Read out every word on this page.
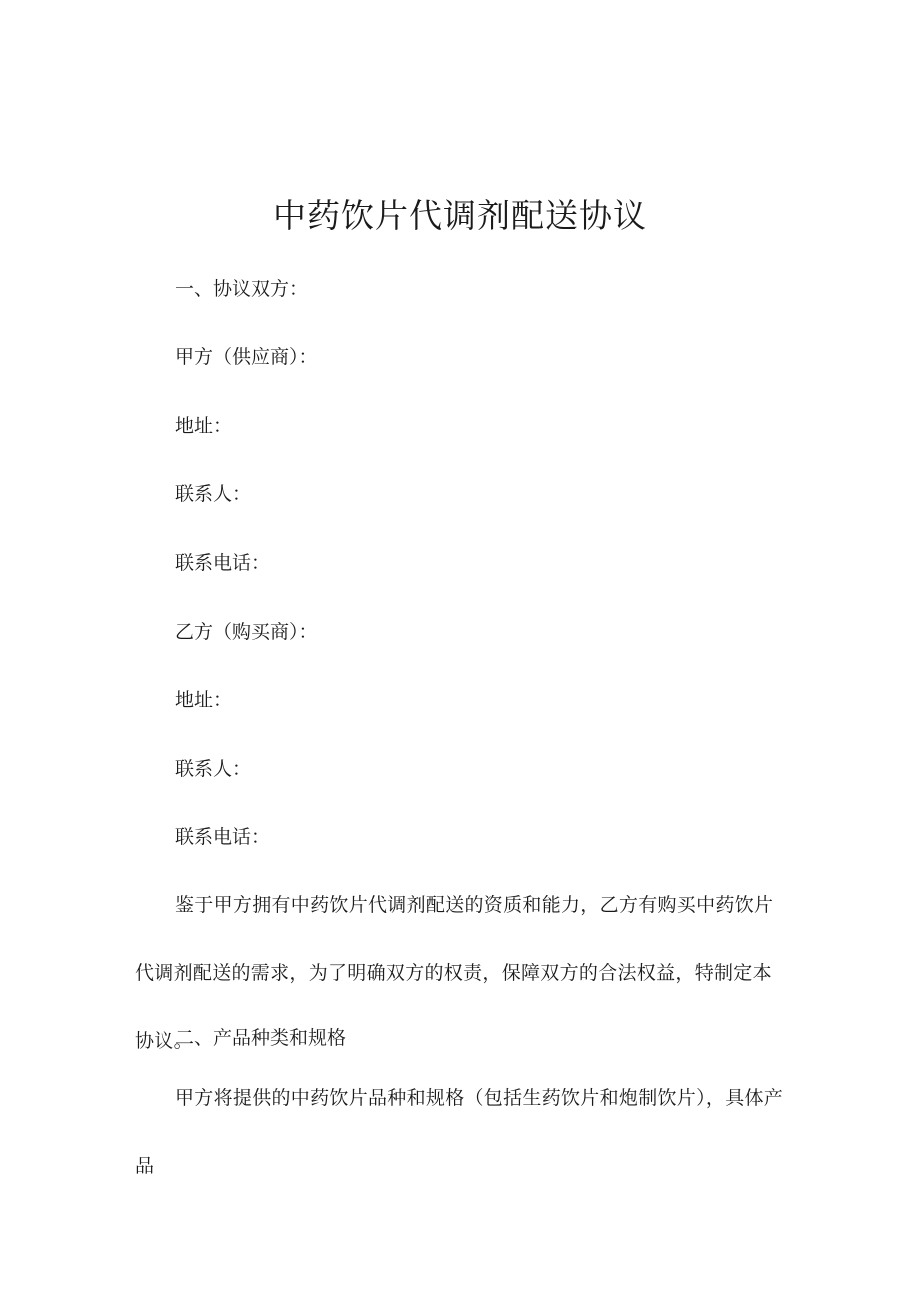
中药饮片代调剂配送协议

一、协议双方：

甲方（供应商）：

地址：

联系人：

联系电话：

乙方（购买商）：

地址：

联系人：

联系电话：

鉴于甲方拥有中药饮片代调剂配送的资质和能力，乙方有购买中药饮片代调剂配送的需求，为了明确双方的权责，保障双方的合法权益，特制定本协议。

二、产品种类和规格

甲方将提供的中药饮片品种和规格（包括生药饮片和炮制饮片），具体产品
